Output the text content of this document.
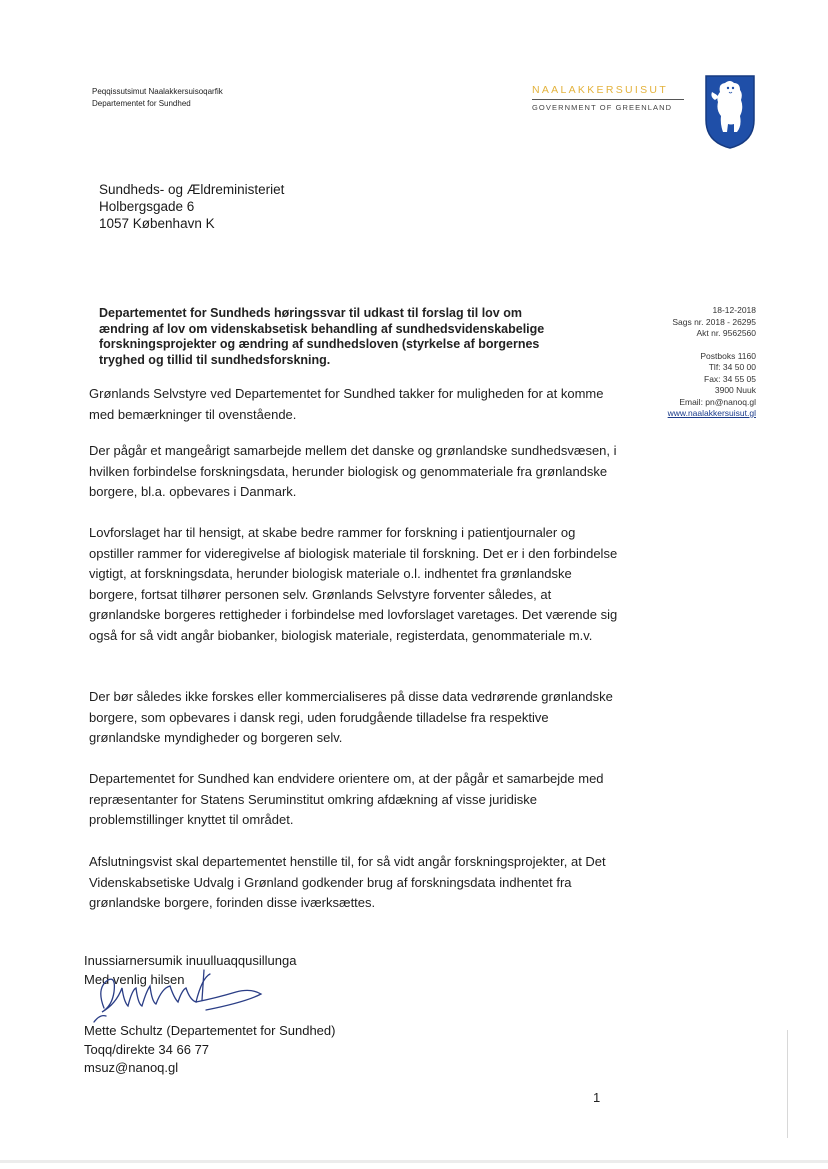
Peqqissutsimut Naalakkersuisoqarfik
Departementet for Sundhed
NAALAKKERSUISUT
GOVERNMENT OF GREENLAND
Sundheds- og Ældreministeriet
Holbergsgade 6
1057 København K
Departementet for Sundheds høringssvar til udkast til forslag til lov om ændring af lov om videnskabsetisk behandling af sundhedsvidenskabelige forskningsprojekter og ændring af sundhedsloven (styrkelse af borgernes tryghed og tillid til sundhedsforskning.
18-12-2018
Sags nr. 2018 - 26295
Akt nr. 9562560
Postboks 1160
Tlf: 34 50 00
Fax: 34 55 05
3900 Nuuk
Email: pn@nanoq.gl
www.naalakkersuisut.gl
Grønlands Selvstyre ved Departementet for Sundhed takker for muligheden for at komme med bemærkninger til ovenstående.
Der pågår et mangeårigt samarbejde mellem det danske og grønlandske sundhedsvæsen, i hvilken forbindelse forskningsdata, herunder biologisk og genommateriale fra grønlandske borgere, bl.a. opbevares i Danmark.
Lovforslaget har til hensigt, at skabe bedre rammer for forskning i patientjournaler og opstiller rammer for videregivelse af biologisk materiale til forskning. Det er i den forbindelse vigtigt, at forskningsdata, herunder biologisk materiale o.l. indhentet fra grønlandske borgere, fortsat tilhører personen selv. Grønlands Selvstyre forventer således, at grønlandske borgeres rettigheder i forbindelse med lovforslaget varetages. Det værende sig også for så vidt angår biobanker, biologisk materiale, registerdata, genommateriale m.v.
Der bør således ikke forskes eller kommercialiseres på disse data vedrørende grønlandske borgere, som opbevares i dansk regi, uden forudgående tilladelse fra respektive grønlandske myndigheder og borgeren selv.
Departementet for Sundhed kan endvidere orientere om, at der pågår et samarbejde med repræsentanter for Statens Seruminstitut omkring afdækning af visse juridiske problemstillinger knyttet til området.
Afslutningsvist skal departementet henstille til, for så vidt angår forskningsprojekter, at Det Videnskabsetiske Udvalg i Grønland godkender brug af forskningsdata indhentet fra grønlandske borgere, forinden disse iværksættes.
Inussiarnersumik inuulluaqqusillunga
Med venlig hilsen
Mette Schultz (Departementet for Sundhed)
Toqq/direkte 34 66 77
msuz@nanoq.gl
1
